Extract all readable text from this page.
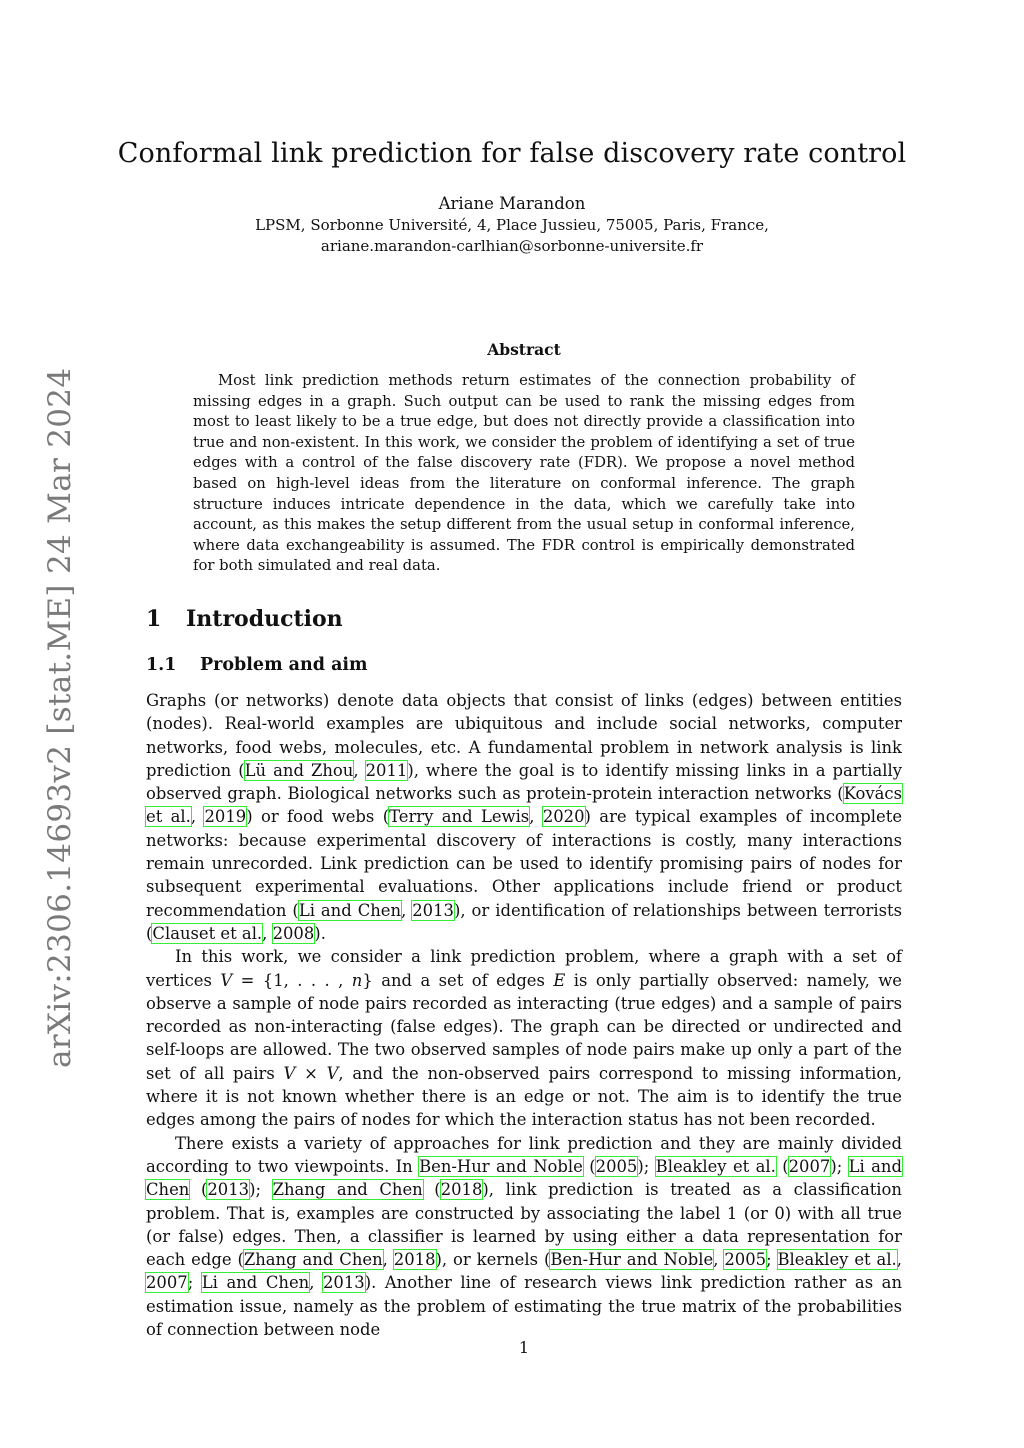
arXiv:2306.14693v2 [stat.ME] 24 Mar 2024
Conformal link prediction for false discovery rate control
Ariane Marandon
LPSM, Sorbonne Université, 4, Place Jussieu, 75005, Paris, France,
ariane.marandon-carlhian@sorbonne-universite.fr
Abstract

Most link prediction methods return estimates of the connection probability of missing edges in a graph. Such output can be used to rank the missing edges from most to least likely to be a true edge, but does not directly provide a classification into true and non-existent. In this work, we consider the problem of identifying a set of true edges with a control of the false discovery rate (FDR). We propose a novel method based on high-level ideas from the literature on conformal inference. The graph structure induces intricate dependence in the data, which we carefully take into account, as this makes the setup different from the usual setup in conformal inference, where data exchangeability is assumed. The FDR control is empirically demonstrated for both simulated and real data.

1 Introduction
1.1 Problem and aim

Graphs (or networks) denote data objects that consist of links (edges) between entities (nodes). Real-world examples are ubiquitous and include social networks, computer networks, food webs, molecules, etc. A fundamental problem in network analysis is link prediction (Lü and Zhou, 2011), where the goal is to identify missing links in a partially observed graph. Biological networks such as protein-protein interaction networks (Kovács et al., 2019) or food webs (Terry and Lewis, 2020) are typical examples of incomplete networks: because experimental discovery of interactions is costly, many interactions remain unrecorded. Link prediction can be used to identify promising pairs of nodes for subsequent experimental evaluations. Other applications include friend or product recommendation (Li and Chen, 2013), or identification of relationships between terrorists (Clauset et al., 2008).

In this work, we consider a link prediction problem, where a graph with a set of vertices V = {1, . . . , n} and a set of edges E is only partially observed: namely, we observe a sample of node pairs recorded as interacting (true edges) and a sample of pairs recorded as non-interacting (false edges). The graph can be directed or undirected and self-loops are allowed. The two observed samples of node pairs make up only a part of the set of all pairs V × V, and the non-observed pairs correspond to missing information, where it is not known whether there is an edge or not. The aim is to identify the true edges among the pairs of nodes for which the interaction status has not been recorded.

There exists a variety of approaches for link prediction and they are mainly divided according to two viewpoints. In Ben-Hur and Noble (2005); Bleakley et al. (2007); Li and Chen (2013); Zhang and Chen (2018), link prediction is treated as a classification problem. That is, examples are constructed by associating the label 1 (or 0) with all true (or false) edges. Then, a classifier is learned by using either a data representation for each edge (Zhang and Chen, 2018), or kernels (Ben-Hur and Noble, 2005; Bleakley et al., 2007; Li and Chen, 2013). Another line of research views link prediction rather as an estimation issue, namely as the problem of estimating the true matrix of the probabilities of connection between node

1
